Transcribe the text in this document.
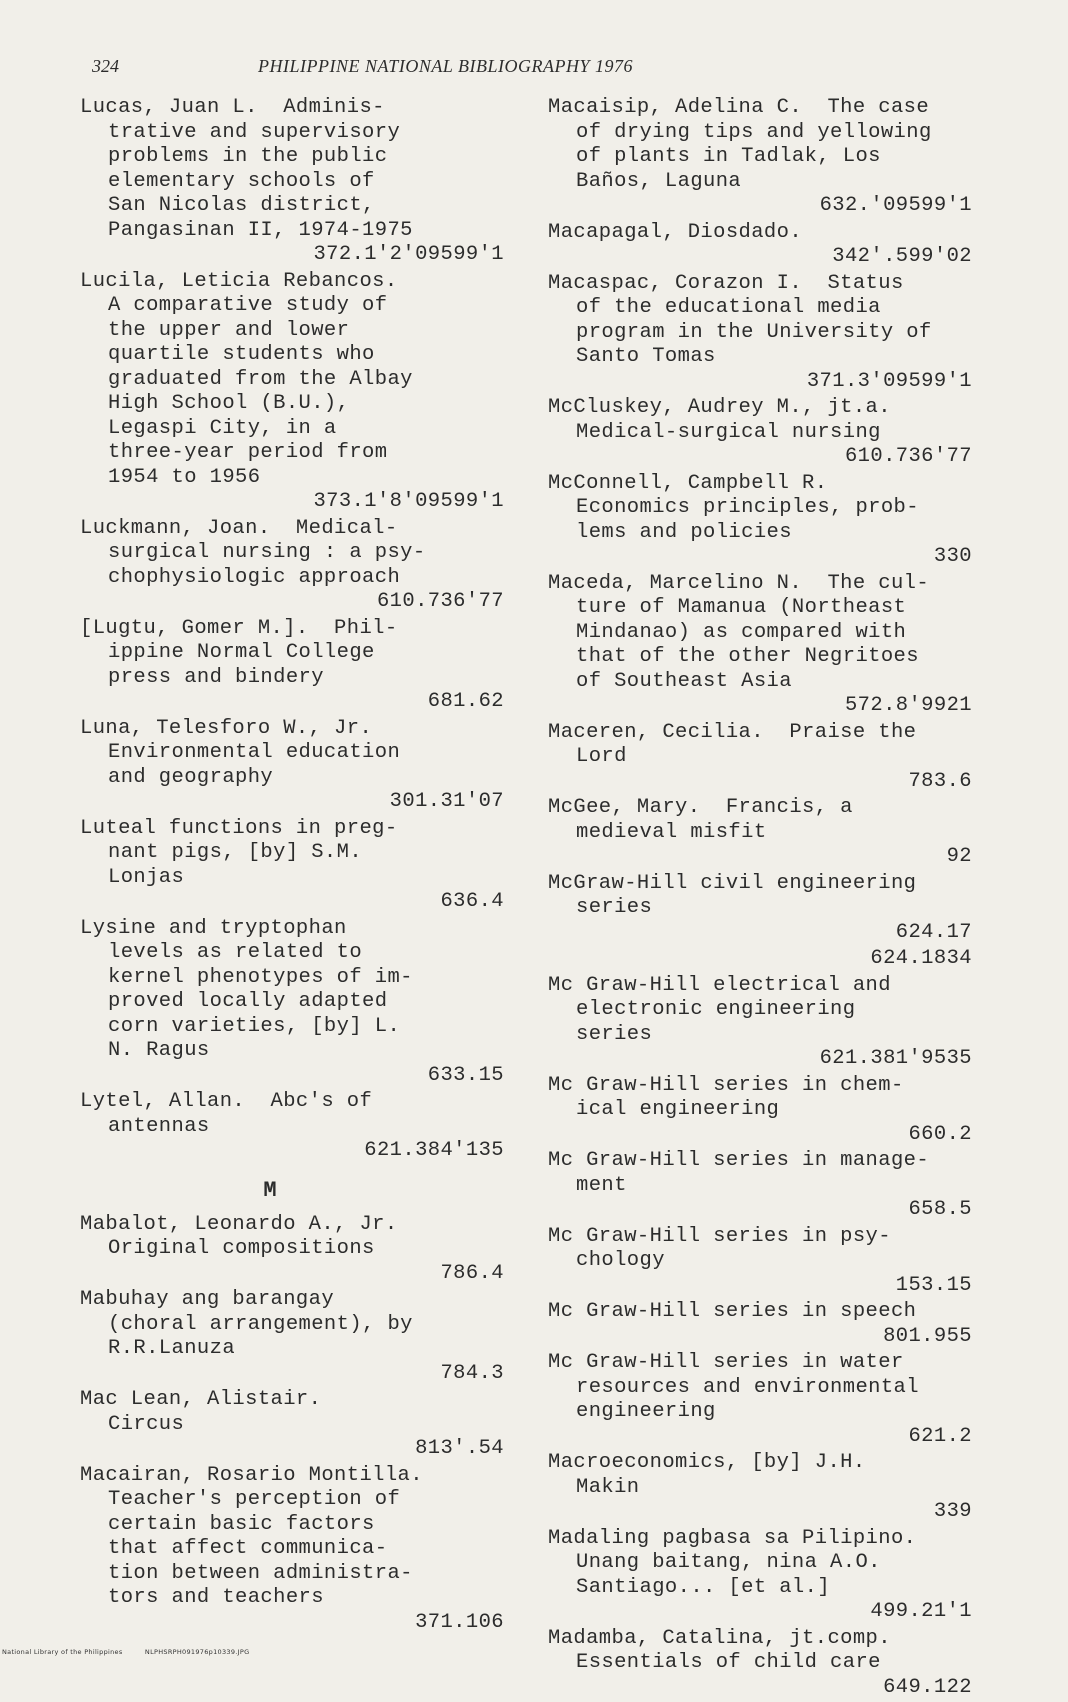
324	PHILIPPINE NATIONAL BIBLIOGRAPHY 1976
Lucas, Juan L.  Adminis-
trative and supervisory
problems in the public
elementary schools of
San Nicolas district,
Pangasinan II, 1974-1975
372.1'2'09599'1
Lucila, Leticia Rebancos.
A comparative study of
the upper and lower
quartile students who
graduated from the Albay
High School (B.U.),
Legaspi City, in a
three-year period from
1954 to 1956
373.1'8'09599'1
Luckmann, Joan.  Medical-
surgical nursing : a psy-
chophysiologic approach
610.736'77
[Lugtu, Gomer M.].  Phil-
ippine Normal College
press and bindery
681.62
Luna, Telesforo W., Jr.
Environmental education
and geography
301.31'07
Luteal functions in preg-
nant pigs, [by] S.M.
Lonjas
636.4
Lysine and tryptophan
levels as related to
kernel phenotypes of im-
proved locally adapted
corn varieties, [by] L.
N. Ragus
633.15
Lytel, Allan.  Abc's of
antennas
621.384'135
M
Mabalot, Leonardo A., Jr.
Original compositions
786.4
Mabuhay ang barangay
(choral arrangement), by
R.R.Lanuza
784.3
Mac Lean, Alistair.
Circus
813'.54
Macairan, Rosario Montilla.
Teacher's perception of
certain basic factors
that affect communica-
tion between administra-
tors and teachers
371.106
Macaisip, Adelina C.  The case
of drying tips and yellowing
of plants in Tadlak, Los
Baños, Laguna
632.'09599'1
Macapagal, Diosdado.
342'.599'02
Macaspac, Corazon I.  Status
of the educational media
program in the University of
Santo Tomas
371.3'09599'1
McCluskey, Audrey M., jt.a.
Medical-surgical nursing
610.736'77
McConnell, Campbell R.
Economics principles, prob-
lems and policies
330
Maceda, Marcelino N.  The cul-
ture of Mamanua (Northeast
Mindanao) as compared with
that of the other Negritoes
of Southeast Asia
572.8'9921
Maceren, Cecilia.  Praise the
Lord
783.6
McGee, Mary.  Francis, a
medieval misfit
92
McGraw-Hill civil engineering
series
624.17
624.1834
Mc Graw-Hill electrical and
electronic engineering
series
621.381'9535
Mc Graw-Hill series in chem-
ical engineering
660.2
Mc Graw-Hill series in manage-
ment
658.5
Mc Graw-Hill series in psy-
chology
153.15
Mc Graw-Hill series in speech
801.955
Mc Graw-Hill series in water
resources and environmental
engineering
621.2
Macroeconomics, [by] J.H.
Makin
339
Madaling pagbasa sa Pilipino.
Unang baitang, nina A.O.
Santiago... [et al.]
499.21'1
Madamba, Catalina, jt.comp.
Essentials of child care
649.122
National Library of the Philippines	NLPHSRPH091976p10339.JPG
